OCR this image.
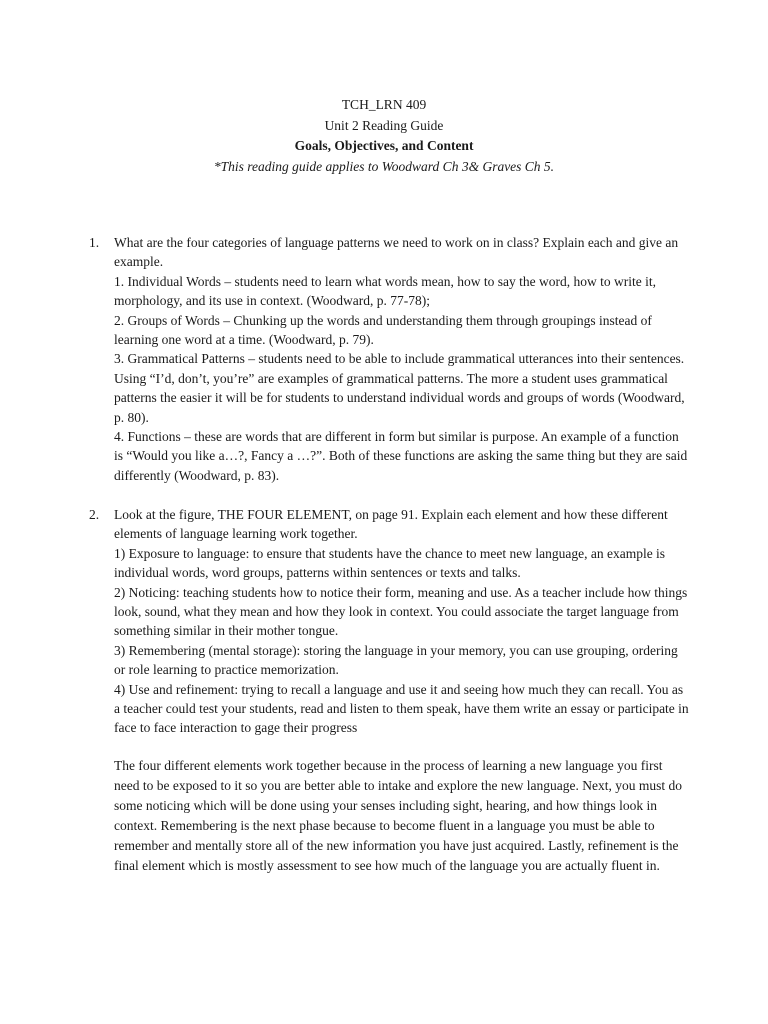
TCH_LRN 409
Unit 2 Reading Guide
Goals, Objectives, and Content
*This reading guide applies to Woodward Ch 3& Graves Ch 5.
1. What are the four categories of language patterns we need to work on in class? Explain each and give an example.

1. Individual Words – students need to learn what words mean, how to say the word, how to write it, morphology, and its use in context. (Woodward, p. 77-78);

2. Groups of Words – Chunking up the words and understanding them through groupings instead of learning one word at a time. (Woodward, p. 79).

3. Grammatical Patterns – students need to be able to include grammatical utterances into their sentences. Using “I’d, don’t, you’re” are examples of grammatical patterns. The more a student uses grammatical patterns the easier it will be for students to understand individual words and groups of words (Woodward, p. 80).

4. Functions – these are words that are different in form but similar is purpose. An example of a function is “Would you like a…?, Fancy a …?”. Both of these functions are asking the same thing but they are said differently (Woodward, p. 83).

2. Look at the figure, THE FOUR ELEMENT, on page 91. Explain each element and how these different elements of language learning work together.

1) Exposure to language: to ensure that students have the chance to meet new language, an example is individual words, word groups, patterns within sentences or texts and talks.

2) Noticing: teaching students how to notice their form, meaning and use. As a teacher include how things look, sound, what they mean and how they look in context. You could associate the target language from something similar in their mother tongue.

3) Remembering (mental storage): storing the language in your memory, you can use grouping, ordering or role learning to practice memorization.

4) Use and refinement: trying to recall a language and use it and seeing how much they can recall. You as a teacher could test your students, read and listen to them speak, have them write an essay or participate in face to face interaction to gage their progress

The four different elements work together because in the process of learning a new language you first need to be exposed to it so you are better able to intake and explore the new language. Next, you must do some noticing which will be done using your senses including sight, hearing, and how things look in context. Remembering is the next phase because to become fluent in a language you must be able to remember and mentally store all of the new information you have just acquired. Lastly, refinement is the final element which is mostly assessment to see how much of the language you are actually fluent in.
